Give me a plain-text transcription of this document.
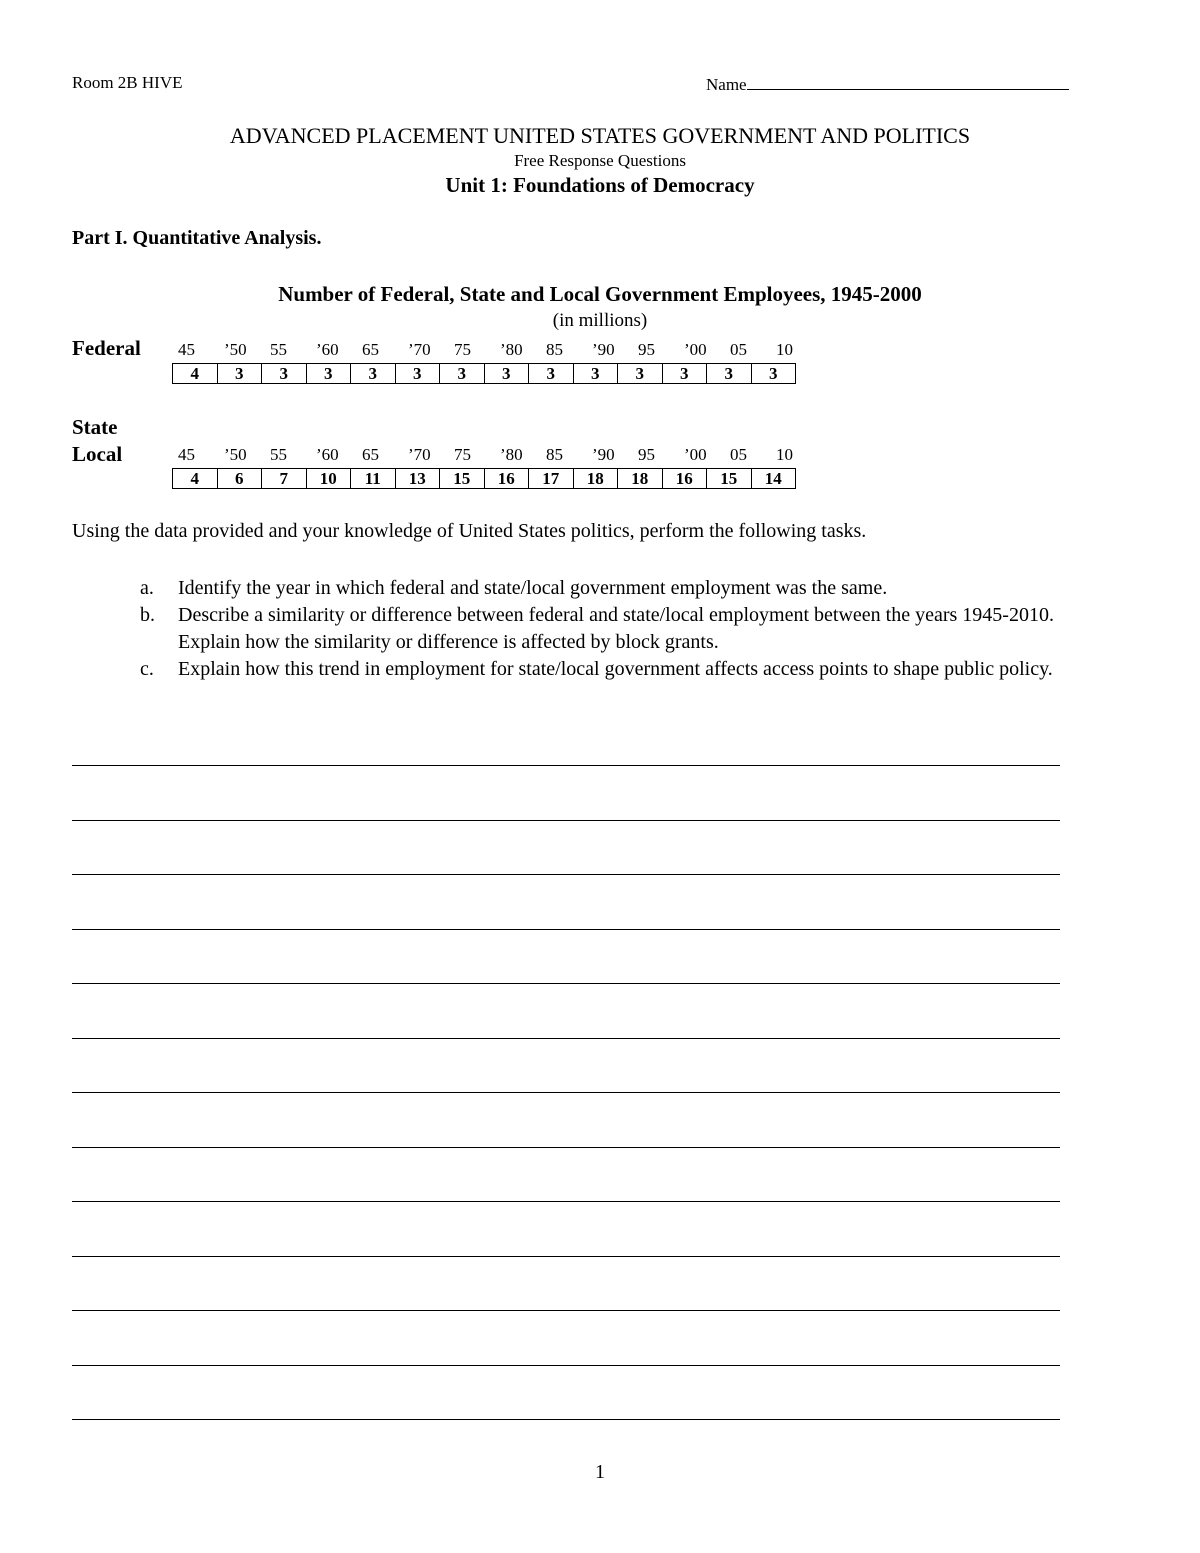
Room 2B HIVE	Name
ADVANCED PLACEMENT UNITED STATES GOVERNMENT AND POLITICS
Free Response Questions
Unit 1: Foundations of Democracy
Part I. Quantitative Analysis.
Number of Federal, State and Local Government Employees, 1945-2000
(in millions)
Federal 45 ’50 55 ’60 65 ’70 75 ’80 85 ’90 95 ’00 05 10
4	3	3	3	3	3	3	3	3	3	3	3	3	3
State
Local	45 ’50 55 ’60 65 ’70 75 ’80 85 ’90 95 ’00 05 10
4	6	7	10	11	13	15	16	17	18	18	16	15	14
Using the data provided and your knowledge of United States politics, perform the following tasks.
a. Identify the year in which federal and state/local government employment was the same.
b. Describe a similarity or difference between federal and state/local employment between the years 1945-2010. Explain how the similarity or difference is affected by block grants.
c. Explain how this trend in employment for state/local government affects access points to shape public policy.
1
